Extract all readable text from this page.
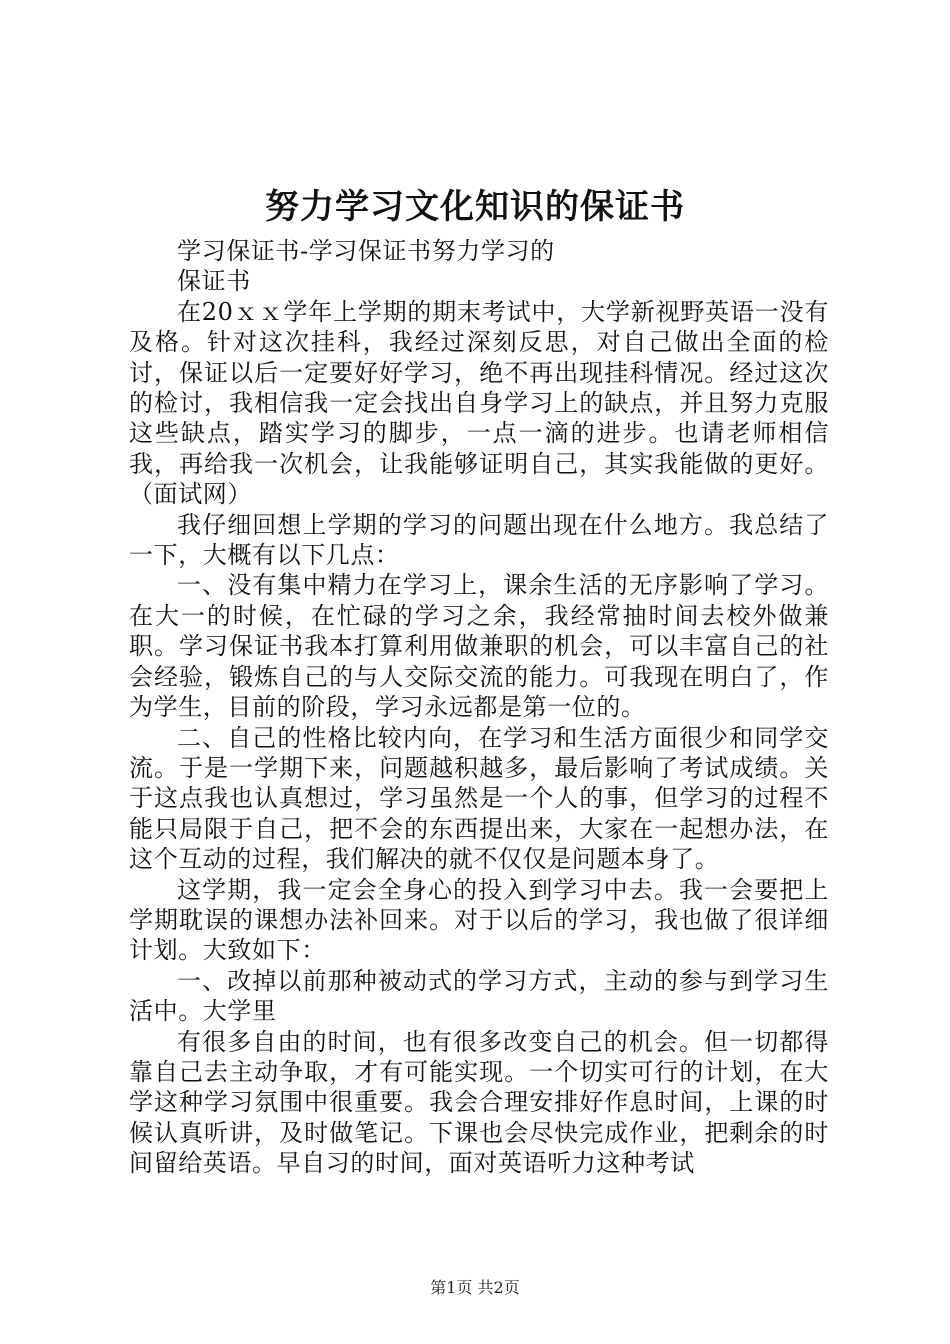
努力学习文化知识的保证书

学习保证书-学习保证书努力学习的

保证书

在20ｘｘ学年上学期的期末考试中，大学新视野英语一没有及格。针对这次挂科，我经过深刻反思，对自己做出全面的检讨，保证以后一定要好好学习，绝不再出现挂科情况。经过这次的检讨，我相信我一定会找出自身学习上的缺点，并且努力克服这些缺点，踏实学习的脚步，一点一滴的进步。也请老师相信我，再给我一次机会，让我能够证明自己，其实我能做的更好。（面试网）

我仔细回想上学期的学习的问题出现在什么地方。我总结了一下，大概有以下几点：

一、没有集中精力在学习上，课余生活的无序影响了学习。在大一的时候，在忙碌的学习之余，我经常抽时间去校外做兼职。学习保证书我本打算利用做兼职的机会，可以丰富自己的社会经验，锻炼自己的与人交际交流的能力。可我现在明白了，作为学生，目前的阶段，学习永远都是第一位的。

二、自己的性格比较内向，在学习和生活方面很少和同学交流。于是一学期下来，问题越积越多，最后影响了考试成绩。关于这点我也认真想过，学习虽然是一个人的事，但学习的过程不能只局限于自己，把不会的东西提出来，大家在一起想办法，在这个互动的过程，我们解决的就不仅仅是问题本身了。

这学期，我一定会全身心的投入到学习中去。我一会要把上学期耽误的课想办法补回来。对于以后的学习，我也做了很详细计划。大致如下：

一、改掉以前那种被动式的学习方式，主动的参与到学习生活中。大学里

有很多自由的时间，也有很多改变自己的机会。但一切都得靠自己去主动争取，才有可能实现。一个切实可行的计划，在大学这种学习氛围中很重要。我会合理安排好作息时间，上课的时候认真听讲，及时做笔记。下课也会尽快完成作业，把剩余的时间留给英语。早自习的时间，面对英语听力这种考试

第1页 共2页
